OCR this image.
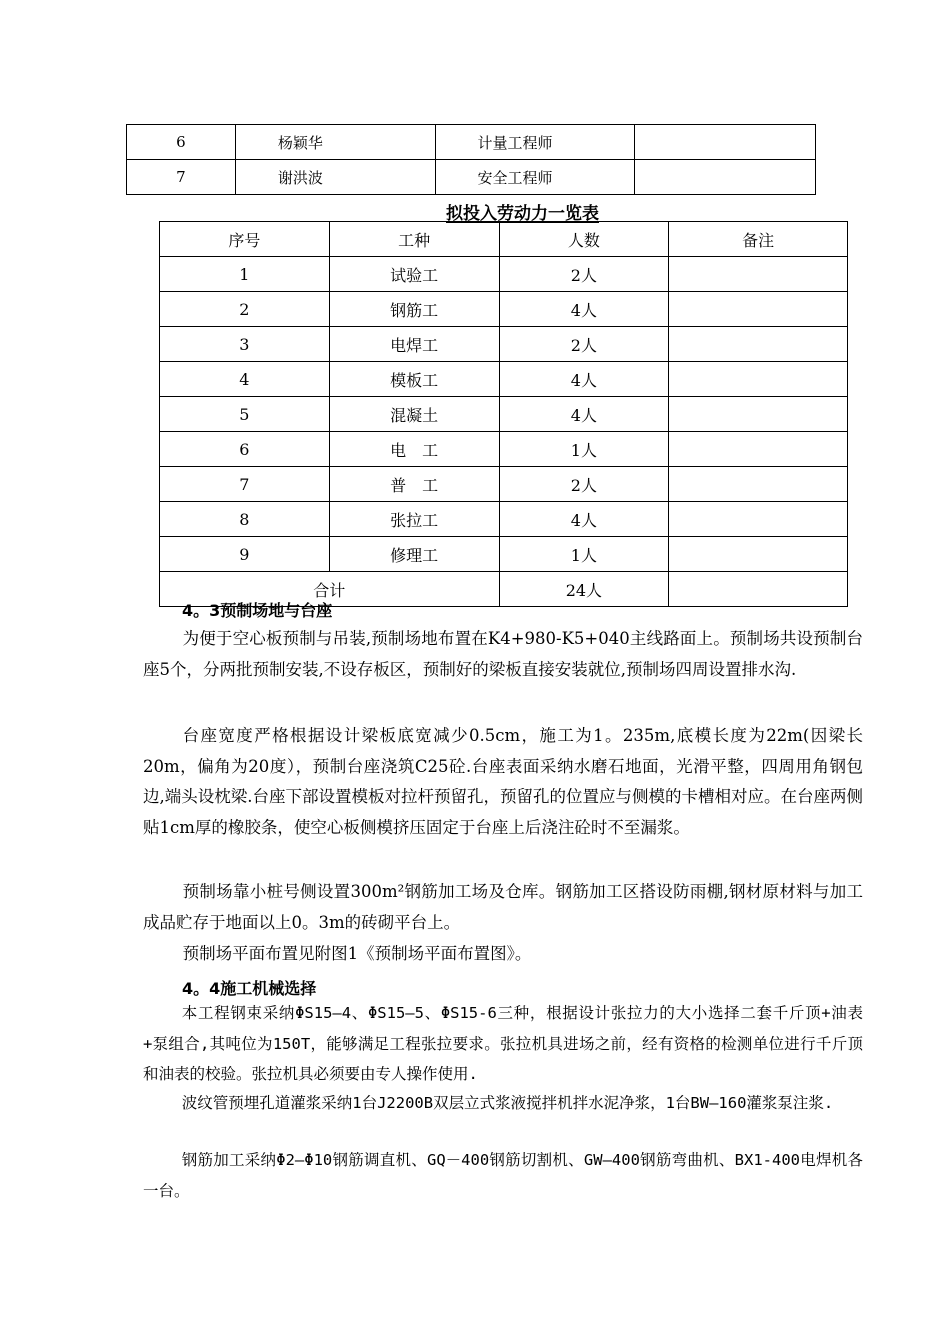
6	杨颖华	计量工程师	
7	谢洪波	安全工程师	
拟投入劳动力一览表
序号	工种	人数	备注
1	试验工	2人	
2	钢筋工	4人	
3	电焊工	2人	
4	模板工	4人	
5	混凝土	4人	
6	电　工	1人	
7	普　工	2人	
8	张拉工	4人	
9	修理工	1人	
合计		24人	
4。3预制场地与台座

为便于空心板预制与吊装,预制场地布置在K4+980-K5+040主线路面上。预制场共设预制台座5个，分两批预制安装,不设存板区，预制好的梁板直接安装就位,预制场四周设置排水沟.

台座宽度严格根据设计梁板底宽减少0.5cm，施工为1。235m,底模长度为22m(因梁长20m，偏角为20度），预制台座浇筑C25砼.台座表面采纳水磨石地面，光滑平整，四周用角钢包边,端头设枕梁.台座下部设置模板对拉杆预留孔，预留孔的位置应与侧模的卡槽相对应。在台座两侧贴1cm厚的橡胶条，使空心板侧模挤压固定于台座上后浇注砼时不至漏浆。

预制场靠小桩号侧设置300m²钢筋加工场及仓库。钢筋加工区搭设防雨棚,钢材原材料与加工成品贮存于地面以上0。3m的砖砌平台上。

预制场平面布置见附图1《预制场平面布置图》。

4。4施工机械选择

本工程钢束采纳ΦS15—4、ΦS15—5、ΦS15-6三种，根据设计张拉力的大小选择二套千斤顶+油表+泵组合,其吨位为150T，能够满足工程张拉要求。张拉机具进场之前，经有资格的检测单位进行千斤顶和油表的校验。张拉机具必须要由专人操作使用.

波纹管预埋孔道灌浆采纳1台J2200B双层立式浆液搅拌机拌水泥净浆，1台BW—160灌浆泵注浆.

钢筋加工采纳Φ2—Φ10钢筋调直机、GQ－400钢筋切割机、GW—400钢筋弯曲机、BX1-400电焊机各一台。
